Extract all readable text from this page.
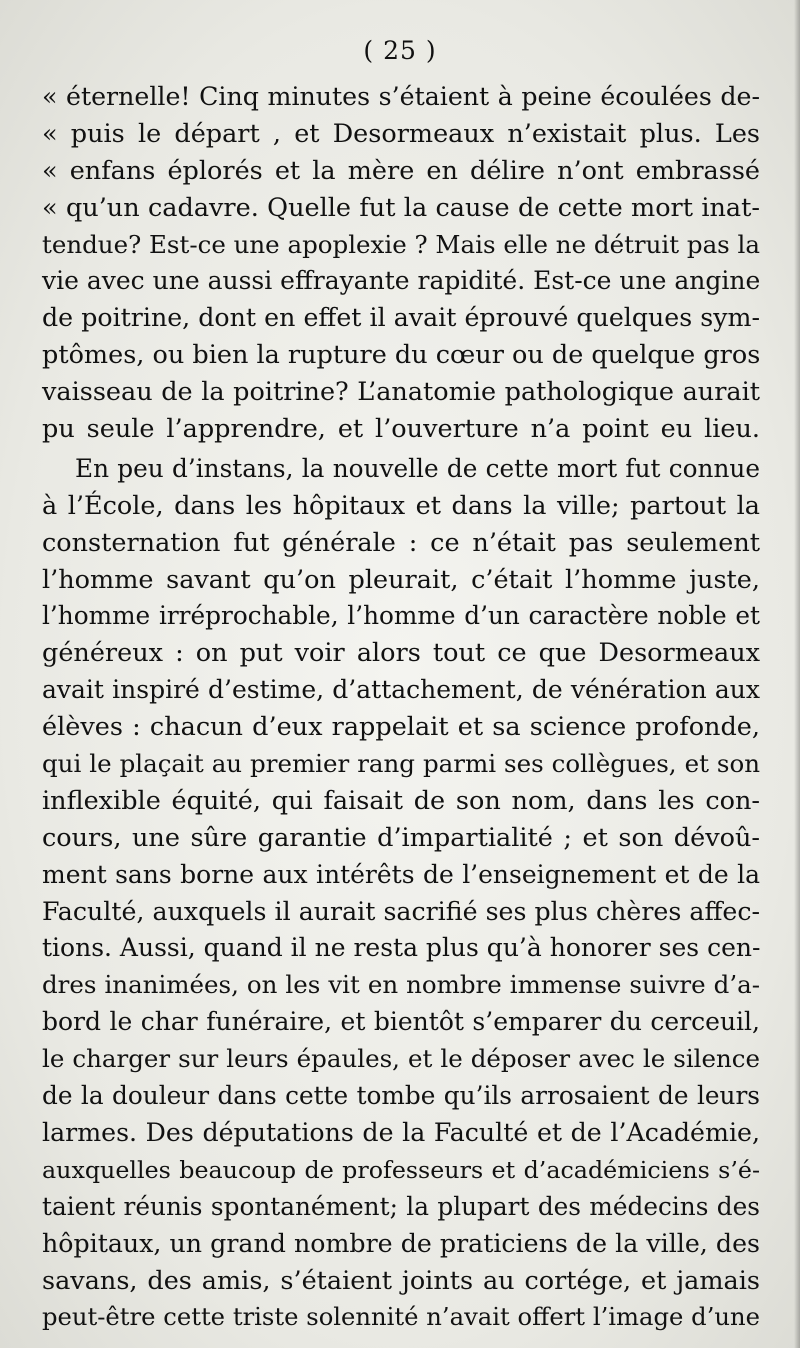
( 25 )
« éternelle! Cinq minutes s’étaient à peine écoulées de-
« puis le départ , et Desormeaux n’existait plus. Les
« enfans éplorés et la mère en délire n’ont embrassé
« qu’un cadavre. Quelle fut la cause de cette mort inat-
tendue? Est-ce une apoplexie ? Mais elle ne détruit pas la
vie avec une aussi effrayante rapidité. Est-ce une angine
de poitrine, dont en effet il avait éprouvé quelques sym-
ptômes, ou bien la rupture du cœur ou de quelque gros
vaisseau de la poitrine? L’anatomie pathologique aurait
pu seule l’apprendre, et l’ouverture n’a point eu lieu.
En peu d’instans, la nouvelle de cette mort fut connue
à l’École, dans les hôpitaux et dans la ville; partout la
consternation fut générale : ce n’était pas seulement
l’homme savant qu’on pleurait, c’était l’homme juste,
l’homme irréprochable, l’homme d’un caractère noble et
généreux : on put voir alors tout ce que Desormeaux
avait inspiré d’estime, d’attachement, de vénération aux
élèves : chacun d’eux rappelait et sa science profonde,
qui le plaçait au premier rang parmi ses collègues, et son
inflexible équité, qui faisait de son nom, dans les con-
cours, une sûre garantie d’impartialité ; et son dévoû-
ment sans borne aux intérêts de l’enseignement et de la
Faculté, auxquels il aurait sacrifié ses plus chères affec-
tions. Aussi, quand il ne resta plus qu’à honorer ses cen-
dres inanimées, on les vit en nombre immense suivre d’a-
bord le char funéraire, et bientôt s’emparer du cerceuil,
le charger sur leurs épaules, et le déposer avec le silence
de la douleur dans cette tombe qu’ils arrosaient de leurs
larmes. Des députations de la Faculté et de l’Académie,
auxquelles beaucoup de professeurs et d’académiciens s’é-
taient réunis spontanément; la plupart des médecins des
hôpitaux, un grand nombre de praticiens de la ville, des
savans, des amis, s’étaient joints au cortége, et jamais
peut-être cette triste solennité n’avait offert l’image d’une
